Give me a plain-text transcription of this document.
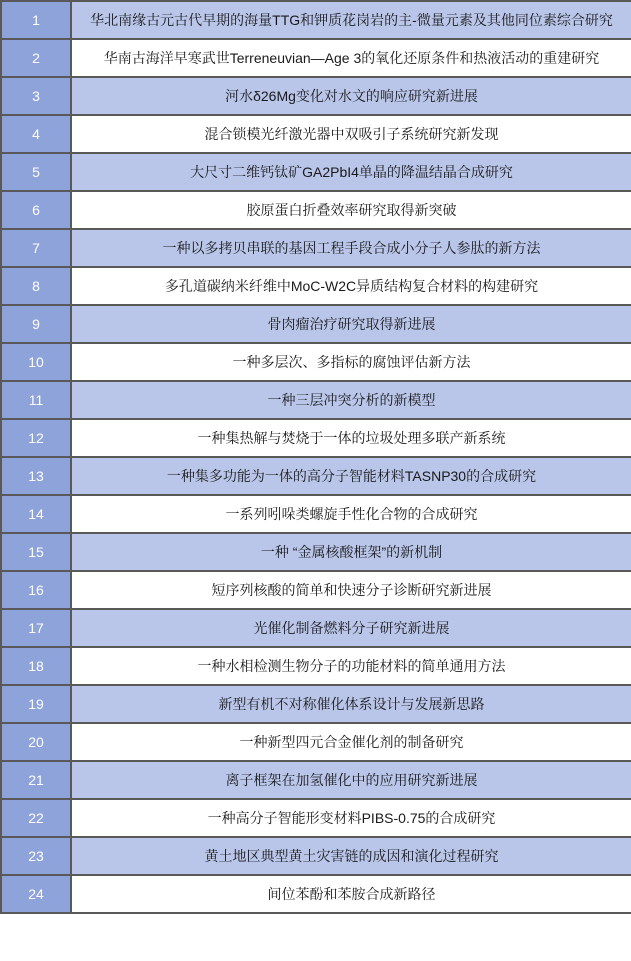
1	华北南缘古元古代早期的海量TTG和钾质花岗岩的主-微量元素及其他同位素综合研究
2	华南古海洋早寒武世Terreneuvian—Age 3的氧化还原条件和热液活动的重建研究
3	河水δ26Mg变化对水文的响应研究新进展
4	混合锁模光纤激光器中双吸引子系统研究新发现
5	大尺寸二维钙钛矿GA2PbI4单晶的降温结晶合成研究
6	胶原蛋白折叠效率研究取得新突破
7	一种以多拷贝串联的基因工程手段合成小分子人参肽的新方法
8	多孔道碳纳米纤维中MoC-W2C异质结构复合材料的构建研究
9	骨肉瘤治疗研究取得新进展
10	一种多层次、多指标的腐蚀评估新方法
11	一种三层冲突分析的新模型
12	一种集热解与焚烧于一体的垃圾处理多联产新系统
13	一种集多功能为一体的高分子智能材料TASNP30的合成研究
14	一系列吲哚类螺旋手性化合物的合成研究
15	一种 “金属核酸框架”的新机制
16	短序列核酸的简单和快速分子诊断研究新进展
17	光催化制备燃料分子研究新进展
18	一种水相检测生物分子的功能材料的简单通用方法
19	新型有机不对称催化体系设计与发展新思路
20	一种新型四元合金催化剂的制备研究
21	离子框架在加氢催化中的应用研究新进展
22	一种高分子智能形变材料PIBS-0.75的合成研究
23	黄土地区典型黄土灾害链的成因和演化过程研究
24	间位苯酚和苯胺合成新路径
